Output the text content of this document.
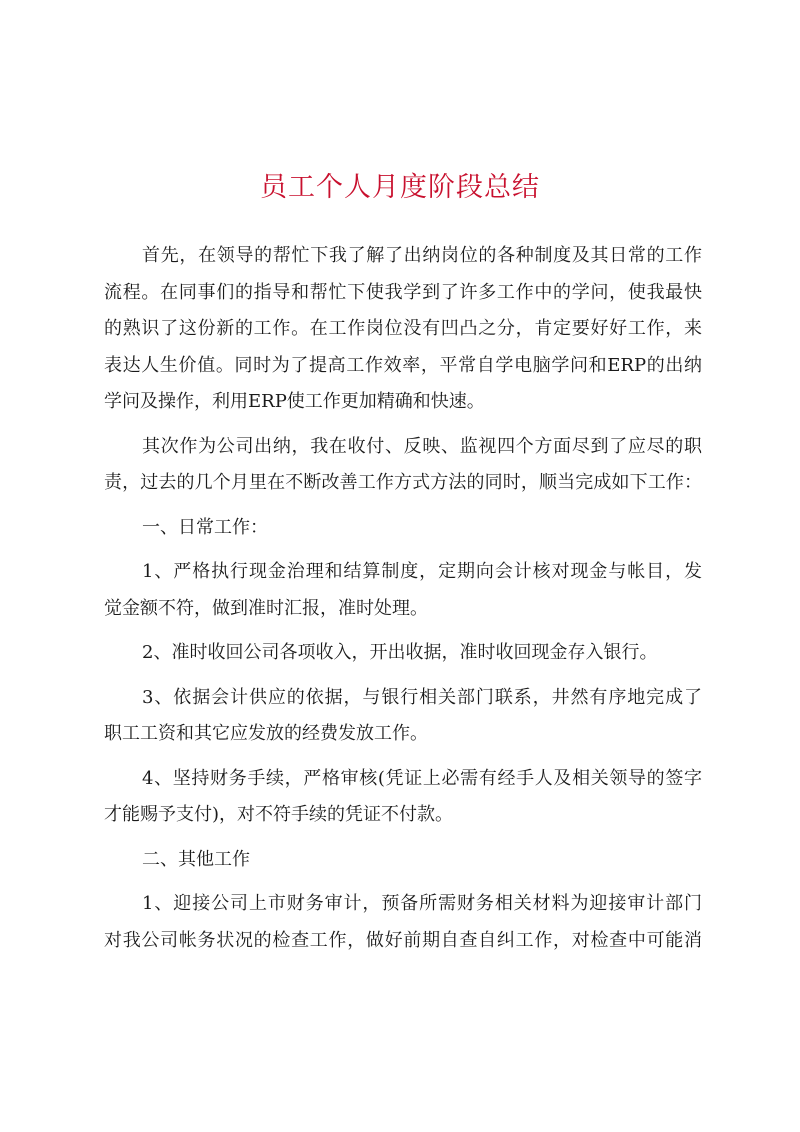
员工个人月度阶段总结
首先，在领导的帮忙下我了解了出纳岗位的各种制度及其日常的工作
流程。在同事们的指导和帮忙下使我学到了许多工作中的学问，使我最快
的熟识了这份新的工作。在工作岗位没有凹凸之分，肯定要好好工作，来
表达人生价值。同时为了提高工作效率，平常自学电脑学问和ERP的出纳
学问及操作，利用ERP使工作更加精确和快速。
其次作为公司出纳，我在收付、反映、监视四个方面尽到了应尽的职
责，过去的几个月里在不断改善工作方式方法的同时，顺当完成如下工作：
一、日常工作：
1、严格执行现金治理和结算制度，定期向会计核对现金与帐目，发
觉金额不符，做到准时汇报，准时处理。
2、准时收回公司各项收入，开出收据，准时收回现金存入银行。
3、依据会计供应的依据，与银行相关部门联系，井然有序地完成了
职工工资和其它应发放的经费发放工作。
4、坚持财务手续，严格审核(凭证上必需有经手人及相关领导的签字
才能赐予支付)，对不符手续的凭证不付款。
二、其他工作
1、迎接公司上市财务审计，预备所需财务相关材料为迎接审计部门
对我公司帐务状况的检查工作，做好前期自查自纠工作，对检查中可能消
